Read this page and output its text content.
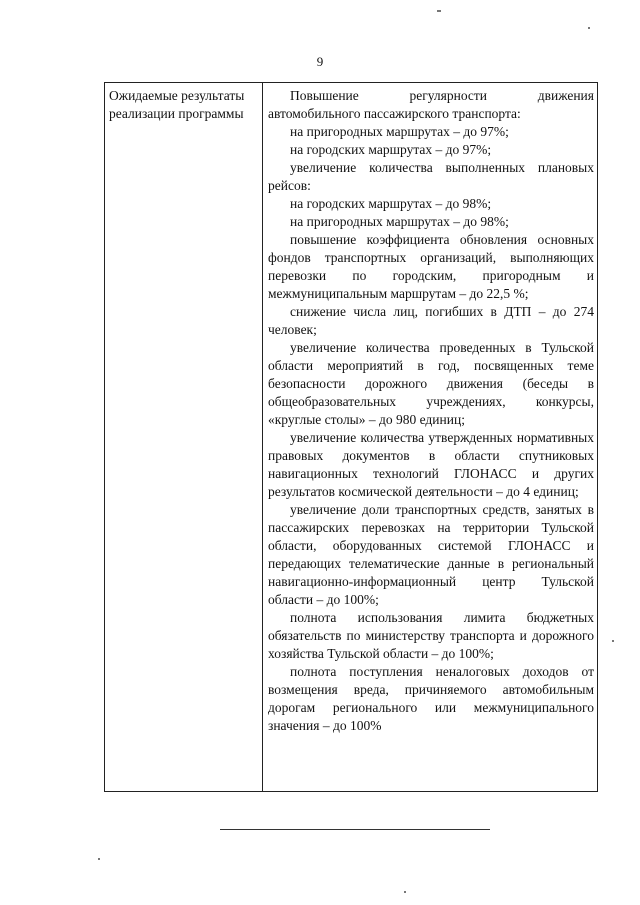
9
Ожидаемые результаты реализации программы

Повышение регулярности движения автомобильного пассажирского транспорта:

на пригородных маршрутах – до 97%;

на городских маршрутах – до 97%;

увеличение количества выполненных плановых рейсов:

на городских маршрутах – до 98%;

на пригородных маршрутах – до 98%;

повышение коэффициента обновления основных фондов транспортных организаций, выполняющих перевозки по городским, пригородным и межмуниципальным маршрутам – до 22,5 %;

снижение числа лиц, погибших в ДТП – до 274 человек;

увеличение количества проведенных в Тульской области мероприятий в год, посвященных теме безопасности дорожного движения (беседы в общеобразовательных учреждениях, конкурсы, «круглые столы» – до 980 единиц;

увеличение количества утвержденных нормативных правовых документов в области спутниковых навигационных технологий ГЛОНАСС и других результатов космической деятельности – до 4 единиц;

увеличение доли транспортных средств, занятых в пассажирских перевозках на территории Тульской области, оборудованных системой ГЛОНАСС и передающих телематические данные в региональный навигационно-информационный центр Тульской области – до 100%;

полнота использования лимита бюджетных обязательств по министерству транспорта и дорожного хозяйства Тульской области – до 100%;

полнота поступления неналоговых доходов от возмещения вреда, причиняемого автомобильным дорогам регионального или межмуниципального значения – до 100%
